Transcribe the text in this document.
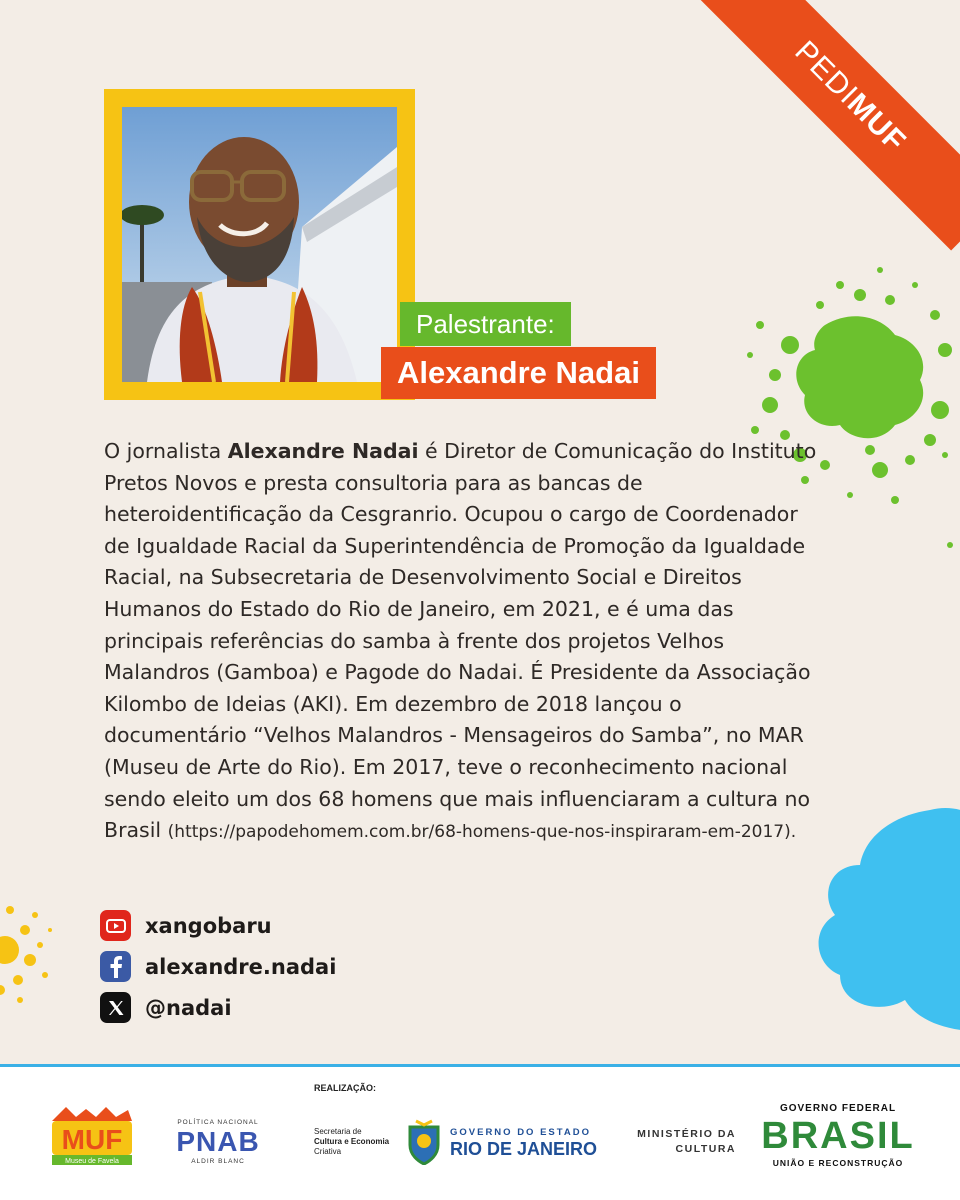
PEDI
MUF
Palestrante:
Alexandre Nadai

O jornalista Alexandre Nadai é Diretor de Comunicação do Instituto Pretos Novos e presta consultoria para as bancas de heteroidentificação da Cesgranrio. Ocupou o cargo de Coordenador de Igualdade Racial da Superintendência de Promoção da Igualdade Racial, na Subsecretaria de Desenvolvimento Social e Direitos Humanos do Estado do Rio de Janeiro, em 2021, e é uma das principais referências do samba à frente dos projetos Velhos Malandros (Gamboa) e Pagode do Nadai. É Presidente da Associação Kilombo de Ideias (AKI). Em dezembro de 2018 lançou o documentário “Velhos Malandros - Mensageiros do Samba”, no MAR (Museu de Arte do Rio). Em 2017, teve o reconhecimento nacional sendo eleito um dos 68 homens que mais influenciaram a cultura no Brasil (https://papodehomem.com.br/68-homens-que-nos-inspiraram-em-2017).

xangobaru
alexandre.nadai
@nadai
REALIZAÇÃO:
MUF
Museu de Favela
POLÍTICA NACIONAL
PNAB
ALDIR BLANC
Secretaria de
Cultura e Economia
Criativa
GOVERNO DO ESTADO
RIO DE JANEIRO
MINISTÉRIO DA
CULTURA
GOVERNO FEDERAL
BRASIL
UNIÃO E RECONSTRUÇÃO
